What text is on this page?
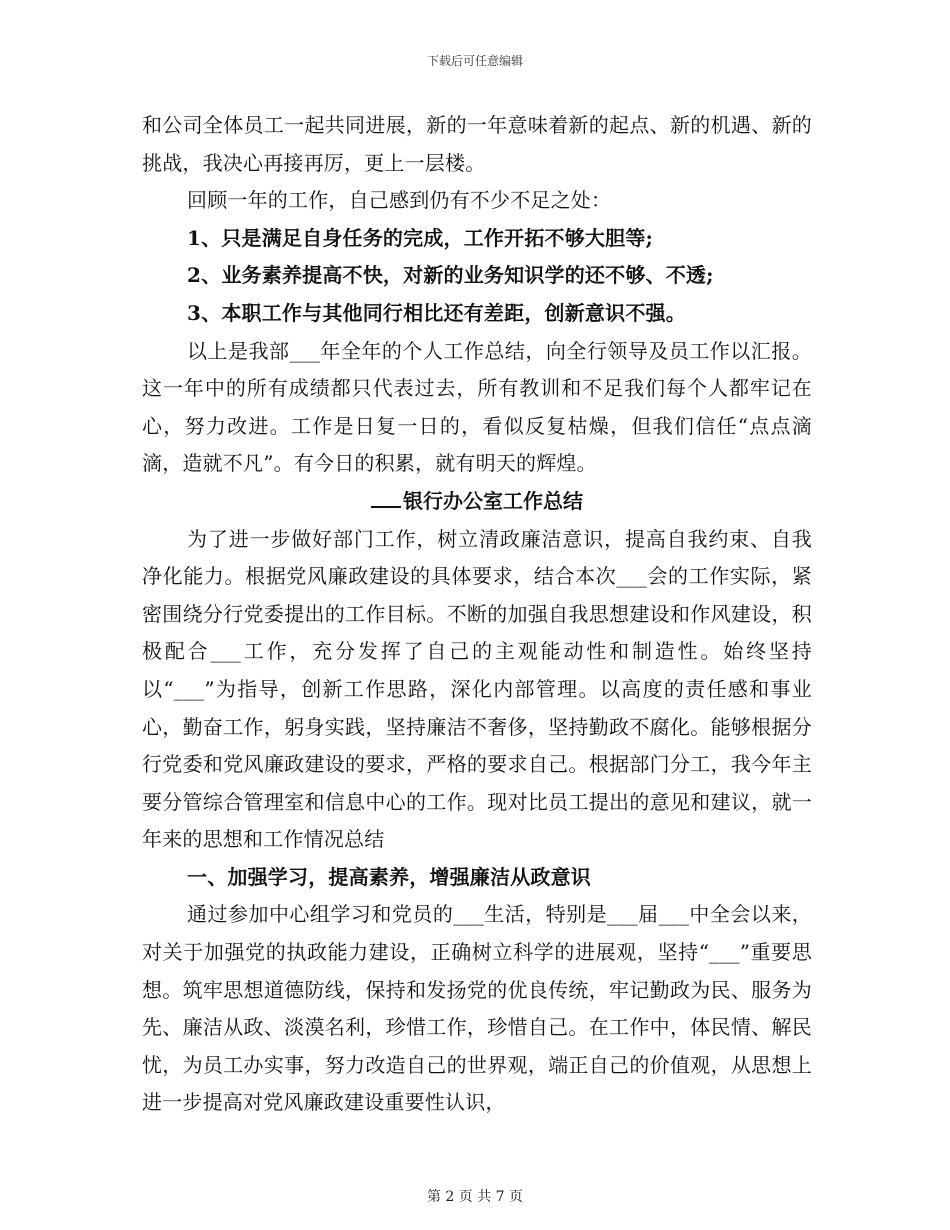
下载后可任意编辑

和公司全体员工一起共同进展，新的一年意味着新的起点、新的机遇、新的挑战，我决心再接再厉，更上一层楼。

回顾一年的工作，自己感到仍有不少不足之处：

1、只是满足自身任务的完成，工作开拓不够大胆等;

2、业务素养提高不快，对新的业务知识学的还不够、不透;

3、本职工作与其他同行相比还有差距，创新意识不强。

以上是我部___年全年的个人工作总结，向全行领导及员工作以汇报。这一年中的所有成绩都只代表过去，所有教训和不足我们每个人都牢记在心，努力改进。工作是日复一日的，看似反复枯燥，但我们信任“点点滴滴，造就不凡”。有今日的积累，就有明天的辉煌。

银行办公室工作总结

为了进一步做好部门工作，树立清政廉洁意识，提高自我约束、自我净化能力。根据党风廉政建设的具体要求，结合本次___会的工作实际，紧密围绕分行党委提出的工作目标。不断的加强自我思想建设和作风建设，积极配合___工作，充分发挥了自己的主观能动性和制造性。始终坚持以“___”为指导，创新工作思路，深化内部管理。以高度的责任感和事业心，勤奋工作，躬身实践，坚持廉洁不奢侈，坚持勤政不腐化。能够根据分行党委和党风廉政建设的要求，严格的要求自己。根据部门分工，我今年主要分管综合管理室和信息中心的工作。现对比员工提出的意见和建议，就一年来的思想和工作情况总结

一、加强学习，提高素养，增强廉洁从政意识

通过参加中心组学习和党员的___生活，特别是___届___中全会以来，对关于加强党的执政能力建设，正确树立科学的进展观，坚持“___”重要思想。筑牢思想道德防线，保持和发扬党的优良传统，牢记勤政为民、服务为先、廉洁从政、淡漠名利，珍惜工作，珍惜自己。在工作中，体民情、解民忧，为员工办实事，努力改造自己的世界观，端正自己的价值观，从思想上进一步提高对党风廉政建设重要性认识，

第 2 页 共 7 页
